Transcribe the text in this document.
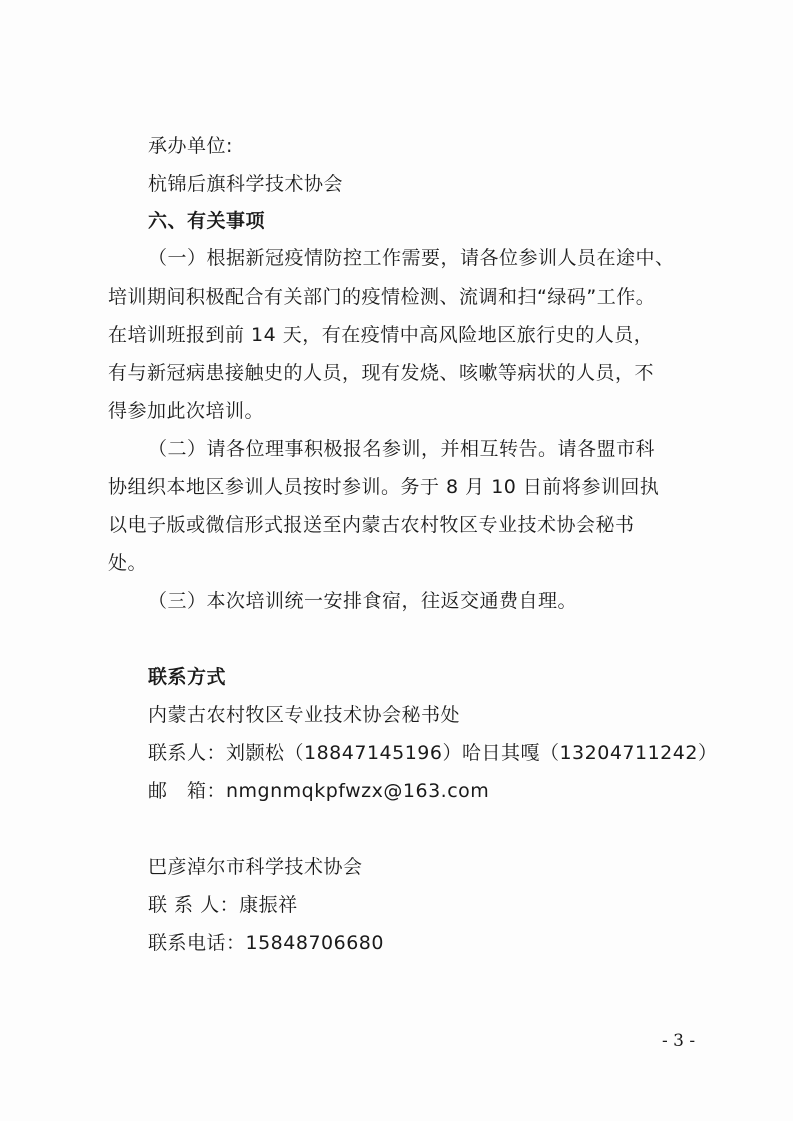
承办单位:
杭锦后旗科学技术协会
六、有关事项
（一）根据新冠疫情防控工作需要，请各位参训人员在途中、
培训期间积极配合有关部门的疫情检测、流调和扫“绿码”工作。
在培训班报到前 14 天，有在疫情中高风险地区旅行史的人员，
有与新冠病患接触史的人员，现有发烧、咳嗽等病状的人员，不
得参加此次培训。
（二）请各位理事积极报名参训，并相互转告。请各盟市科
协组织本地区参训人员按时参训。务于 8 月 10 日前将参训回执
以电子版或微信形式报送至内蒙古农村牧区专业技术协会秘书
处。
（三）本次培训统一安排食宿，往返交通费自理。
联系方式
内蒙古农村牧区专业技术协会秘书处
联系人：刘颢松（18847145196）哈日其嘎（13204711242）
邮　箱：nmgnmqkpfwzx@163.com
巴彦淖尔市科学技术协会
联 系 人：康振祥
联系电话：15848706680
- 3 -
